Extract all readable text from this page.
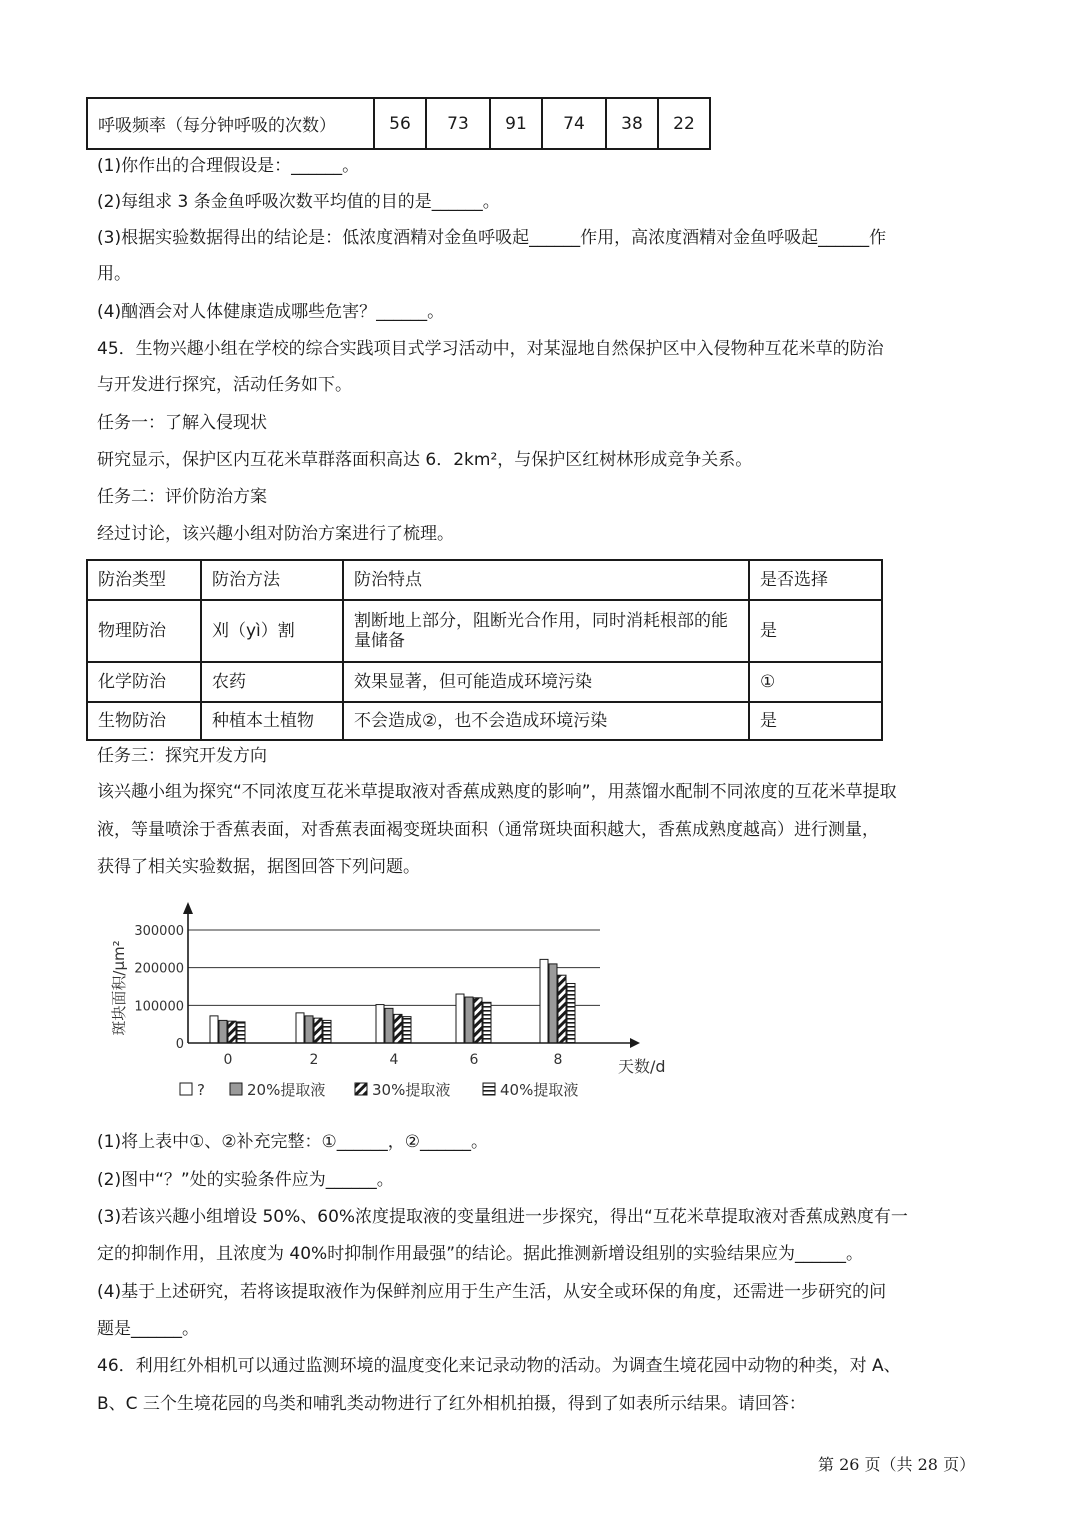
呼吸频率（每分钟呼吸的次数）	56	73	91	74	38	22
(1)你作出的合理假设是：______。
(2)每组求 3 条金鱼呼吸次数平均值的目的是______。
(3)根据实验数据得出的结论是：低浓度酒精对金鱼呼吸起______作用，高浓度酒精对金鱼呼吸起______作
用。
(4)酗酒会对人体健康造成哪些危害？______。
45．生物兴趣小组在学校的综合实践项目式学习活动中，对某湿地自然保护区中入侵物种互花米草的防治
与开发进行探究，活动任务如下。
任务一：了解入侵现状
研究显示，保护区内互花米草群落面积高达 6．2km²，与保护区红树林形成竞争关系。
任务二：评价防治方案
经过讨论，该兴趣小组对防治方案进行了梳理。
防治类型	防治方法	防治特点	是否选择
物理防治	刈（yì）割	割断地上部分，阻断光合作用，同时消耗根部的能量储备	是
化学防治	农药	效果显著，但可能造成环境污染	①
生物防治	种植本土植物	不会造成②，也不会造成环境污染	是
任务三：探究开发方向
该兴趣小组为探究“不同浓度互花米草提取液对香蕉成熟度的影响”，用蒸馏水配制不同浓度的互花米草提取
液，等量喷涂于香蕉表面，对香蕉表面褐变斑块面积（通常斑块面积越大，香蕉成熟度越高）进行测量，
获得了相关实验数据，据图回答下列问题。
300000
200000
100000
0
斑块面积/μm²
天数/d
0	2	4	6	8
?	20%提取液	30%提取液	40%提取液
(1)将上表中①、②补充完整：①______，②______。
(2)图中“？”处的实验条件应为______。
(3)若该兴趣小组增设 50%、60%浓度提取液的变量组进一步探究，得出“互花米草提取液对香蕉成熟度有一
定的抑制作用，且浓度为 40%时抑制作用最强”的结论。据此推测新增设组别的实验结果应为______。
(4)基于上述研究，若将该提取液作为保鲜剂应用于生产生活，从安全或环保的角度，还需进一步研究的问
题是______。
46．利用红外相机可以通过监测环境的温度变化来记录动物的活动。为调查生境花园中动物的种类，对 A、
B、C 三个生境花园的鸟类和哺乳类动物进行了红外相机拍摄，得到了如表所示结果。请回答：
第 26 页（共 28 页）
